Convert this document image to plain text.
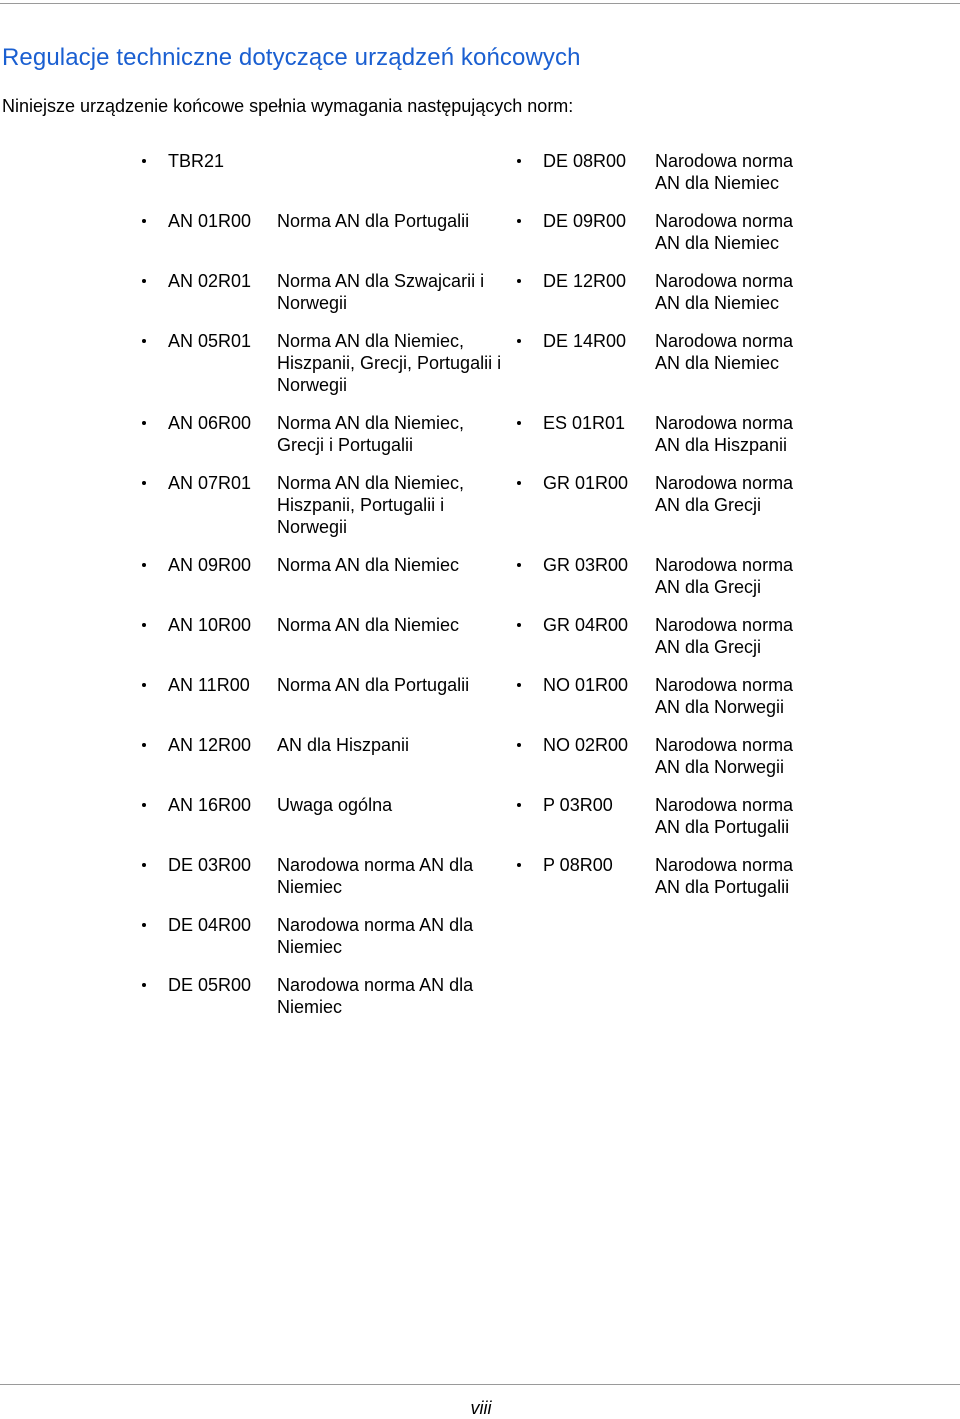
Regulacje techniczne dotyczące urządzeń końcowych

Niniejsze urządzenie końcowe spełnia wymagania następujących norm:

	TBR21			DE 08R00	Narodowa norma AN dla Niemiec
	AN 01R00	Norma AN dla Portugalii		DE 09R00	Narodowa norma AN dla Niemiec
	AN 02R01	Norma AN dla Szwajcarii i Norwegii		DE 12R00	Narodowa norma AN dla Niemiec
	AN 05R01	Norma AN dla Niemiec, Hiszpanii, Grecji, Portugalii i Norwegii		DE 14R00	Narodowa norma AN dla Niemiec
	AN 06R00	Norma AN dla Niemiec, Grecji i Portugalii		ES 01R01	Narodowa norma AN dla Hiszpanii
	AN 07R01	Norma AN dla Niemiec, Hiszpanii, Portugalii i Norwegii		GR 01R00	Narodowa norma AN dla Grecji
	AN 09R00	Norma AN dla Niemiec		GR 03R00	Narodowa norma AN dla Grecji
	AN 10R00	Norma AN dla Niemiec		GR 04R00	Narodowa norma AN dla Grecji
	AN 11R00	Norma AN dla Portugalii		NO 01R00	Narodowa norma AN dla Norwegii
	AN 12R00	AN dla Hiszpanii		NO 02R00	Narodowa norma AN dla Norwegii
	AN 16R00	Uwaga ogólna		P 03R00	Narodowa norma AN dla Portugalii
	DE 03R00	Narodowa norma AN dla Niemiec		P 08R00	Narodowa norma AN dla Portugalii
	DE 04R00	Narodowa norma AN dla Niemiec			
	DE 05R00	Narodowa norma AN dla Niemiec			
viii
